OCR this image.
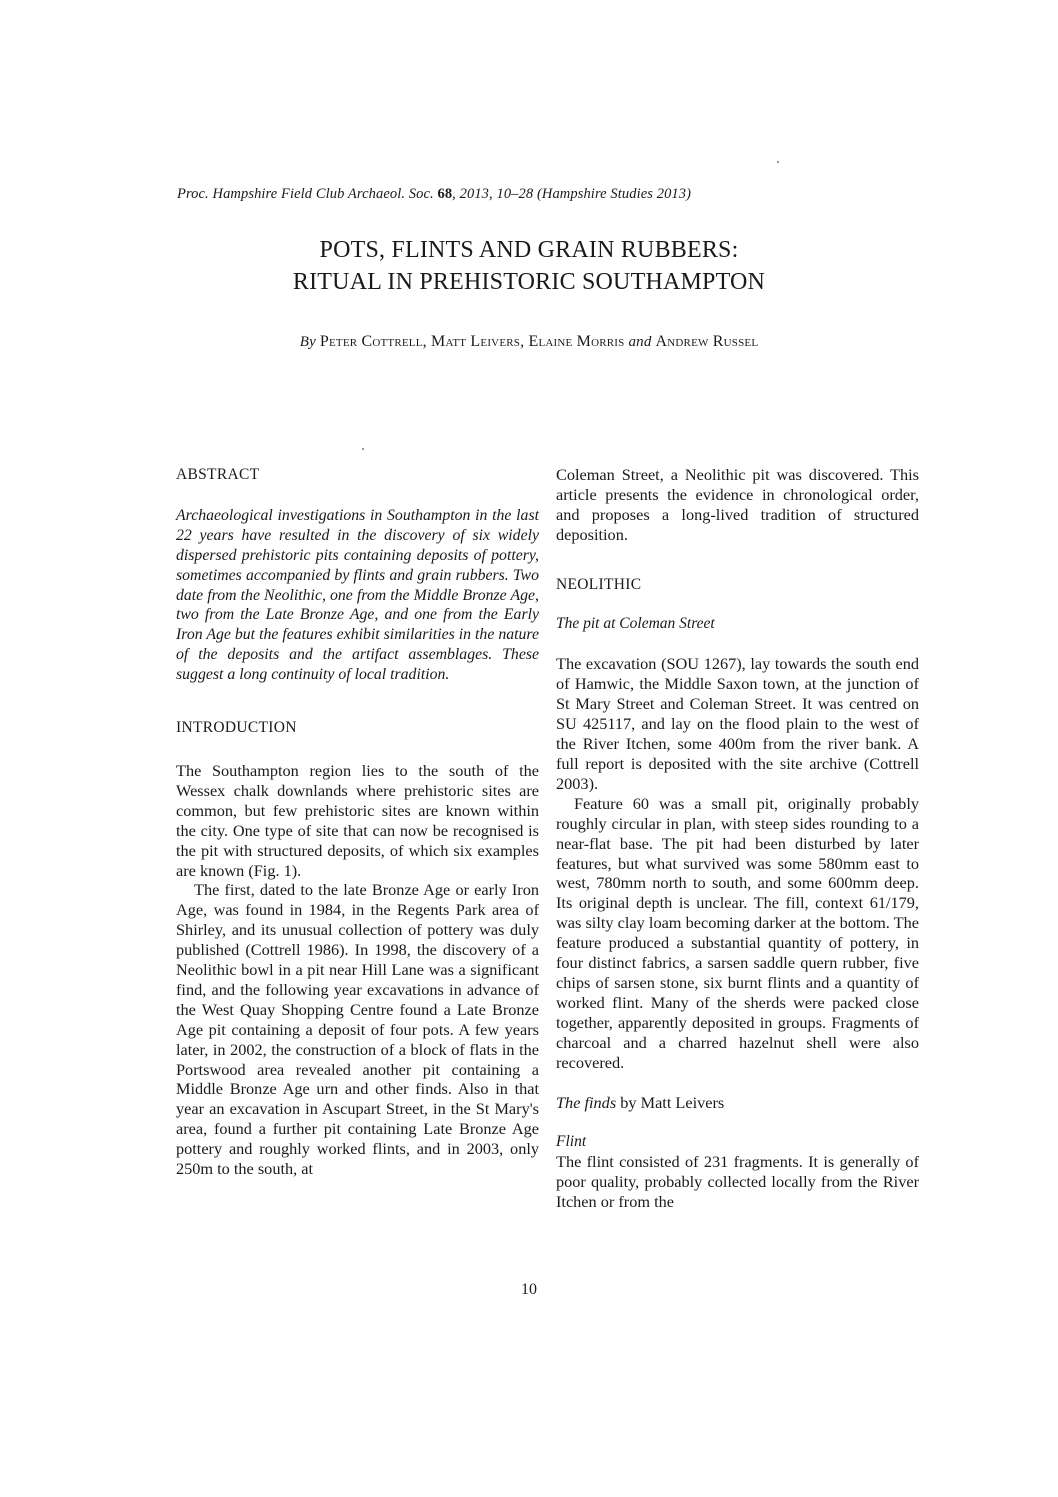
Proc. Hampshire Field Club Archaeol. Soc. 68, 2013, 10–28 (Hampshire Studies 2013)
POTS, FLINTS AND GRAIN RUBBERS:
RITUAL IN PREHISTORIC SOUTHAMPTON
By Peter Cottrell, Matt Leivers, Elaine Morris and Andrew Russel
ABSTRACT

Archaeological investigations in Southampton in the last 22 years have resulted in the discovery of six widely dispersed prehistoric pits containing deposits of pottery, sometimes accompanied by flints and grain rubbers. Two date from the Neolithic, one from the Middle Bronze Age, two from the Late Bronze Age, and one from the Early Iron Age but the features exhibit similarities in the nature of the deposits and the artifact assemblages. These suggest a long continuity of local tradition.

INTRODUCTION

The Southampton region lies to the south of the Wessex chalk downlands where prehistoric sites are common, but few prehistoric sites are known within the city. One type of site that can now be recognised is the pit with structured deposits, of which six examples are known (Fig. 1).

The first, dated to the late Bronze Age or early Iron Age, was found in 1984, in the Regents Park area of Shirley, and its unusual collection of pottery was duly published (Cottrell 1986). In 1998, the discovery of a Neolithic bowl in a pit near Hill Lane was a significant find, and the following year excavations in advance of the West Quay Shopping Centre found a Late Bronze Age pit containing a deposit of four pots. A few years later, in 2002, the construction of a block of flats in the Portswood area revealed another pit containing a Middle Bronze Age urn and other finds. Also in that year an excavation in Ascupart Street, in the St Mary's area, found a further pit containing Late Bronze Age pottery and roughly worked flints, and in 2003, only 250m to the south, at

Coleman Street, a Neolithic pit was discovered. This article presents the evidence in chronological order, and proposes a long-lived tradition of structured deposition.

NEOLITHIC

The pit at Coleman Street

The excavation (SOU 1267), lay towards the south end of Hamwic, the Middle Saxon town, at the junction of St Mary Street and Coleman Street. It was centred on SU 425117, and lay on the flood plain to the west of the River Itchen, some 400m from the river bank. A full report is deposited with the site archive (Cottrell 2003).

Feature 60 was a small pit, originally probably roughly circular in plan, with steep sides rounding to a near-flat base. The pit had been disturbed by later features, but what survived was some 580mm east to west, 780mm north to south, and some 600mm deep. Its original depth is unclear. The fill, context 61/179, was silty clay loam becoming darker at the bottom. The feature produced a substantial quantity of pottery, in four distinct fabrics, a sarsen saddle quern rubber, five chips of sarsen stone, six burnt flints and a quantity of worked flint. Many of the sherds were packed close together, apparently deposited in groups. Fragments of charcoal and a charred hazelnut shell were also recovered.

The finds by Matt Leivers

Flint

The flint consisted of 231 fragments. It is generally of poor quality, probably collected locally from the River Itchen or from the

10
